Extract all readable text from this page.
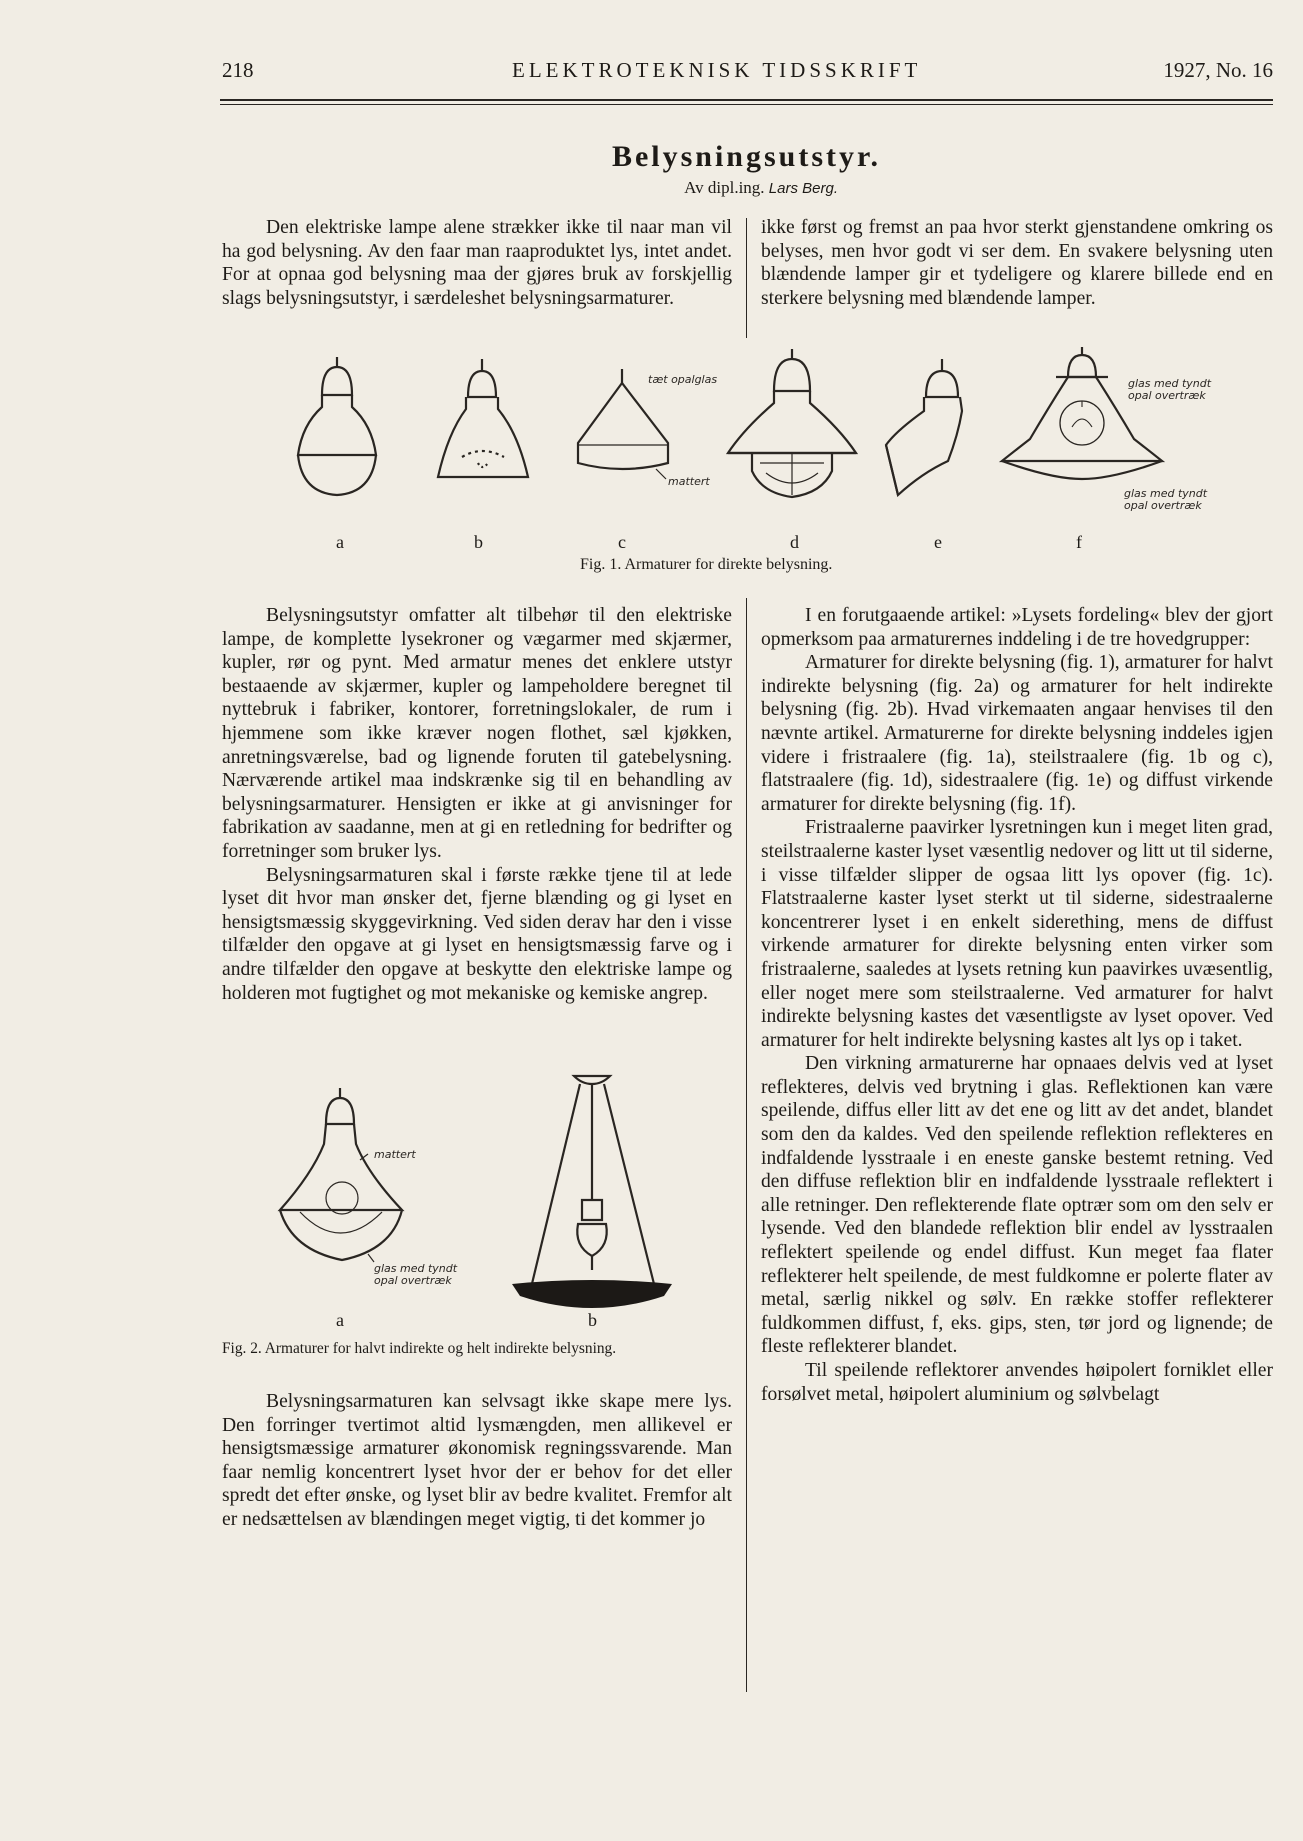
218	ELEKTROTEKNISK TIDSSKRIFT	1927, No. 16
Belysningsutstyr.
Av dipl.ing. Lars Berg.

Den elektriske lampe alene strækker ikke til naar man vil ha god belysning. Av den faar man raaproduktet lys, intet andet. For at opnaa god belysning maa der gjøres bruk av forskjellig slags belysningsutstyr, i særdeleshet belysningsarmaturer.

ikke først og fremst an paa hvor sterkt gjenstandene omkring os belyses, men hvor godt vi ser dem. En svakere belysning uten blændende lamper gir et tydeligere og klarere billede end en sterkere belysning med blændende lamper.

tæt opalglas
mattert
glas med tyndt
opal overtræk
glas med tyndt
opal overtræk
a	b	c	d	e	f
Fig. 1. Armaturer for direkte belysning.

Belysningsutstyr omfatter alt tilbehør til den elektriske lampe, de komplette lysekroner og vægarmer med skjærmer, kupler, rør og pynt. Med armatur menes det enklere utstyr bestaaende av skjærmer, kupler og lampeholdere beregnet til nyttebruk i fabriker, kontorer, forretningslokaler, de rum i hjemmene som ikke kræver nogen flothet, sæl kjøkken, anretningsværelse, bad og lignende foruten til gatebelysning. Nærværende artikel maa indskrænke sig til en behandling av belysningsarmaturer. Hensigten er ikke at gi anvisninger for fabrikation av saadanne, men at gi en retledning for bedrifter og forretninger som bruker lys.

Belysningsarmaturen skal i første række tjene til at lede lyset dit hvor man ønsker det, fjerne blænding og gi lyset en hensigtsmæssig skyggevirkning. Ved siden derav har den i visse tilfælder den opgave at gi lyset en hensigtsmæssig farve og i andre tilfælder den opgave at beskytte den elektriske lampe og holderen mot fugtighet og mot mekaniske og kemiske angrep.

mattert
glas med tyndt
opal overtræk
a	b
Fig. 2. Armaturer for halvt indirekte og helt indirekte belysning.

Belysningsarmaturen kan selvsagt ikke skape mere lys. Den forringer tvertimot altid lysmængden, men allikevel er hensigtsmæssige armaturer økonomisk regningssvarende. Man faar nemlig koncentrert lyset hvor der er behov for det eller spredt det efter ønske, og lyset blir av bedre kvalitet. Fremfor alt er nedsættelsen av blændingen meget vigtig, ti det kommer jo

I en forutgaaende artikel: »Lysets fordeling« blev der gjort opmerksom paa armaturernes inddeling i de tre hovedgrupper:

Armaturer for direkte belysning (fig. 1), armaturer for halvt indirekte belysning (fig. 2a) og armaturer for helt indirekte belysning (fig. 2b). Hvad virkemaaten angaar henvises til den nævnte artikel. Armaturerne for direkte belysning inddeles igjen videre i fristraalere (fig. 1a), steilstraalere (fig. 1b og c), flatstraalere (fig. 1d), sidestraalere (fig. 1e) og diffust virkende armaturer for direkte belysning (fig. 1f).

Fristraalerne paavirker lysretningen kun i meget liten grad, steilstraalerne kaster lyset væsentlig nedover og litt ut til siderne, i visse tilfælder slipper de ogsaa litt lys opover (fig. 1c). Flatstraalerne kaster lyset sterkt ut til siderne, sidestraalerne koncentrerer lyset i en enkelt siderething, mens de diffust virkende armaturer for direkte belysning enten virker som fristraalerne, saaledes at lysets retning kun paavirkes uvæsentlig, eller noget mere som steilstraalerne. Ved armaturer for halvt indirekte belysning kastes det væsentligste av lyset opover. Ved armaturer for helt indirekte belysning kastes alt lys op i taket.

Den virkning armaturerne har opnaaes delvis ved at lyset reflekteres, delvis ved brytning i glas. Reflektionen kan være speilende, diffus eller litt av det ene og litt av det andet, blandet som den da kaldes. Ved den speilende reflektion reflekteres en indfaldende lysstraale i en eneste ganske bestemt retning. Ved den diffuse reflektion blir en indfaldende lysstraale reflektert i alle retninger. Den reflekterende flate optrær som om den selv er lysende. Ved den blandede reflektion blir endel av lysstraalen reflektert speilende og endel diffust. Kun meget faa flater reflekterer helt speilende, de mest fuldkomne er polerte flater av metal, særlig nikkel og sølv. En række stoffer reflekterer fuldkommen diffust, f, eks. gips, sten, tør jord og lignende; de fleste reflekterer blandet.

Til speilende reflektorer anvendes høipolert forniklet eller forsølvet metal, høipolert aluminium og sølvbelagt
